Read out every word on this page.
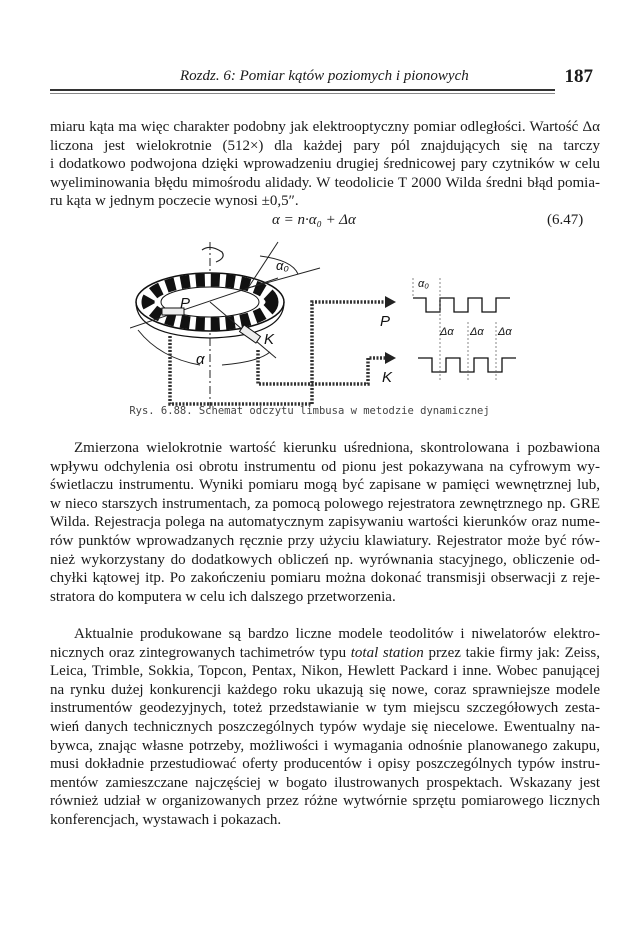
Rozdz. 6: Pomiar kątów poziomych i pionowych	187
miaru kąta ma więc charakter podobny jak elektrooptyczny pomiar odległości. Wartość Δα
liczona jest wielokrotnie (512×) dla każdej pary pól znajdujących się na tarczy
i dodatkowo podwojona dzięki wprowadzeniu drugiej średnicowej pary czytników w celu
wyeliminowania błędu mimośrodu alidady. W teodolicie T 2000 Wilda średni błąd pomia-
ru kąta w jednym poczecie wynosi ±0,5″.
α = n·α₀ + Δα	(6.47)
α₀
α₀
P
K
α
P
K
Δα Δα Δα
Rys. 6.88. Schemat odczytu limbusa w metodzie dynamicznej
Zmierzona wielokrotnie wartość kierunku uśredniona, skontrolowana i pozbawiona
wpływu odchylenia osi obrotu instrumentu od pionu jest pokazywana na cyfrowym wy-
świetlaczu instrumentu. Wyniki pomiaru mogą być zapisane w pamięci wewnętrznej lub,
w nieco starszych instrumentach, za pomocą polowego rejestratora zewnętrznego np. GRE
Wilda. Rejestracja polega na automatycznym zapisywaniu wartości kierunków oraz nume-
rów punktów wprowadzanych ręcznie przy użyciu klawiatury. Rejestrator może być rów-
nież wykorzystany do dodatkowych obliczeń np. wyrównania stacyjnego, obliczenie od-
chyłki kątowej itp. Po zakończeniu pomiaru można dokonać transmisji obserwacji z reje-
stratora do komputera w celu ich dalszego przetworzenia.
Aktualnie produkowane są bardzo liczne modele teodolitów i niwelatorów elektro-
nicznych oraz zintegrowanych tachimetrów typu total station przez takie firmy jak: Zeiss,
Leica, Trimble, Sokkia, Topcon, Pentax, Nikon, Hewlett Packard i inne. Wobec panującej
na rynku dużej konkurencji każdego roku ukazują się nowe, coraz sprawniejsze modele
instrumentów geodezyjnych, toteż przedstawianie w tym miejscu szczegółowych zesta-
wień danych technicznych poszczególnych typów wydaje się niecelowe. Ewentualny na-
bywca, znając własne potrzeby, możliwości i wymagania odnośnie planowanego zakupu,
musi dokładnie przestudiować oferty producentów i opisy poszczególnych typów instru-
mentów zamieszczane najczęściej w bogato ilustrowanych prospektach. Wskazany jest
również udział w organizowanych przez różne wytwórnie sprzętu pomiarowego licznych
konferencjach, wystawach i pokazach.
